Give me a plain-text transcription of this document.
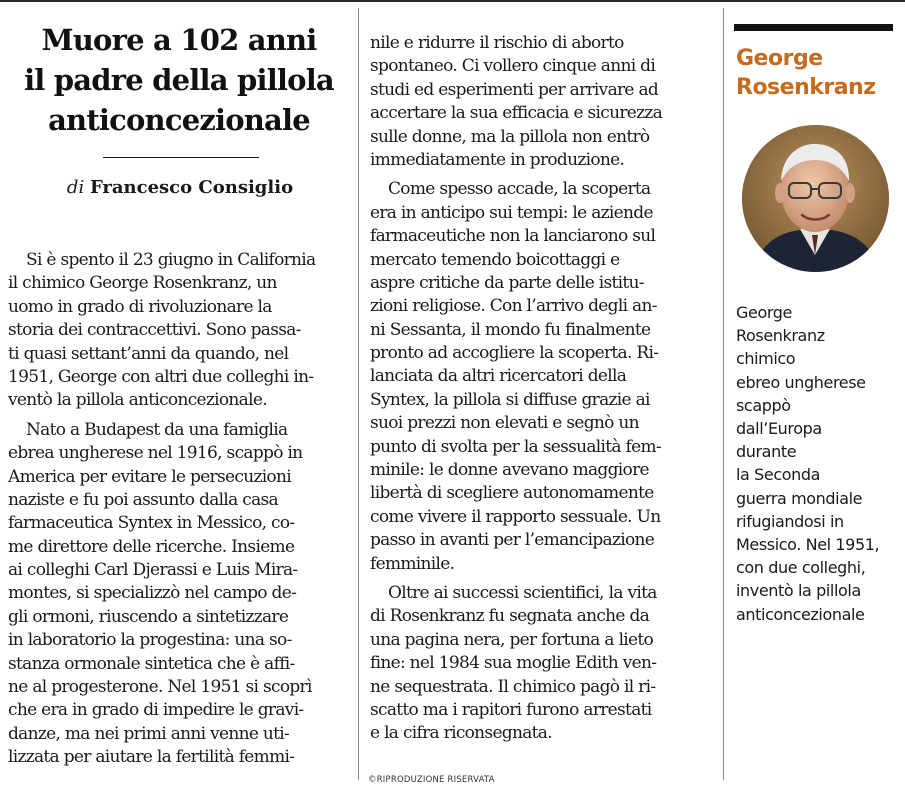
Muore a 102 anni
il padre della pillola
anticoncezionale
di Francesco Consiglio
Si è spento il 23 giugno in California
il chimico George Rosenkranz, un
uomo in grado di rivoluzionare la
storia dei contraccettivi. Sono passa-
ti quasi settant’anni da quando, nel
1951, George con altri due colleghi in-
ventò la pillola anticoncezionale.
Nato a Budapest da una famiglia
ebrea ungherese nel 1916, scappò in
America per evitare le persecuzioni
naziste e fu poi assunto dalla casa
farmaceutica Syntex in Messico, co-
me direttore delle ricerche. Insieme
ai colleghi Carl Djerassi e Luis Mira-
montes, si specializzò nel campo de-
gli ormoni, riuscendo a sintetizzare
in laboratorio la progestina: una so-
stanza ormonale sintetica che è affi-
ne al progesterone. Nel 1951 si scoprì
che era in grado di impedire le gravi-
danze, ma nei primi anni venne uti-
lizzata per aiutare la fertilità femmi-
nile e ridurre il rischio di aborto
spontaneo. Ci vollero cinque anni di
studi ed esperimenti per arrivare ad
accertare la sua efficacia e sicurezza
sulle donne, ma la pillola non entrò
immediatamente in produzione.
Come spesso accade, la scoperta
era in anticipo sui tempi: le aziende
farmaceutiche non la lanciarono sul
mercato temendo boicottaggi e
aspre critiche da parte delle istitu-
zioni religiose. Con l’arrivo degli an-
ni Sessanta, il mondo fu finalmente
pronto ad accogliere la scoperta. Ri-
lanciata da altri ricercatori della
Syntex, la pillola si diffuse grazie ai
suoi prezzi non elevati e segnò un
punto di svolta per la sessualità fem-
minile: le donne avevano maggiore
libertà di scegliere autonomamente
come vivere il rapporto sessuale. Un
passo in avanti per l’emancipazione
femminile.
Oltre ai successi scientifici, la vita
di Rosenkranz fu segnata anche da
una pagina nera, per fortuna a lieto
fine: nel 1984 sua moglie Edith ven-
ne sequestrata. Il chimico pagò il ri-
scatto ma i rapitori furono arrestati
e la cifra riconsegnata.
©RIPRODUZIONE RISERVATA
George
Rosenkranz
George
Rosenkranz
chimico
ebreo ungherese
scappò
dall’Europa
durante
la Seconda
guerra mondiale
rifugiandosi in
Messico. Nel 1951,
con due colleghi,
inventò la pillola
anticoncezionale
